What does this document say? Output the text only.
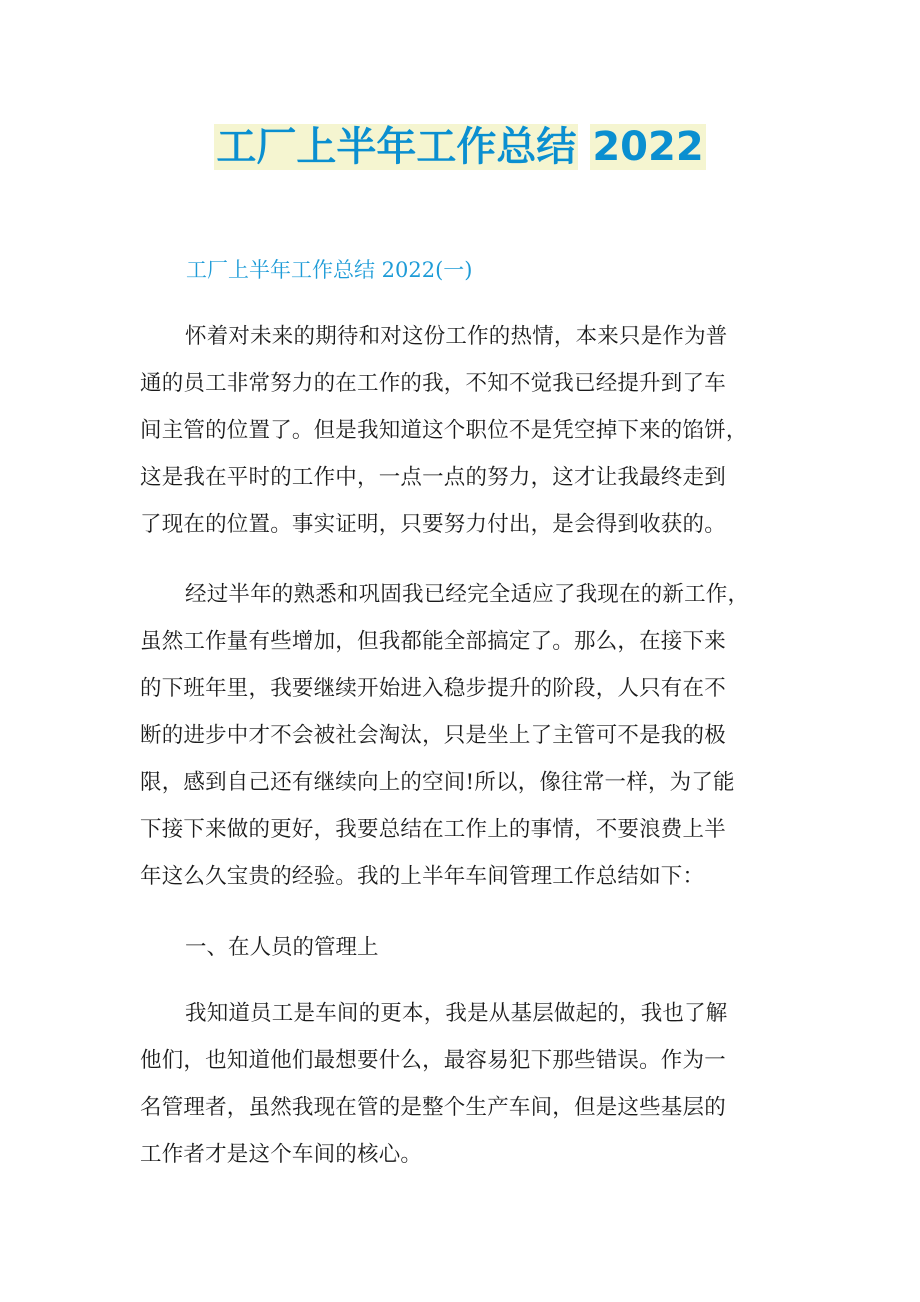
工厂上半年工作总结 2022
工厂上半年工作总结 2022(一)
怀着对未来的期待和对这份工作的热情，本来只是作为普
通的员工非常努力的在工作的我，不知不觉我已经提升到了车
间主管的位置了。但是我知道这个职位不是凭空掉下来的馅饼，
这是我在平时的工作中，一点一点的努力，这才让我最终走到
了现在的位置。事实证明，只要努力付出，是会得到收获的。
经过半年的熟悉和巩固我已经完全适应了我现在的新工作，
虽然工作量有些增加，但我都能全部搞定了。那么，在接下来
的下班年里，我要继续开始进入稳步提升的阶段，人只有在不
断的进步中才不会被社会淘汰，只是坐上了主管可不是我的极
限，感到自己还有继续向上的空间!所以，像往常一样，为了能
下接下来做的更好，我要总结在工作上的事情，不要浪费上半
年这么久宝贵的经验。我的上半年车间管理工作总结如下：
一、在人员的管理上
我知道员工是车间的更本，我是从基层做起的，我也了解
他们，也知道他们最想要什么，最容易犯下那些错误。作为一
名管理者，虽然我现在管的是整个生产车间，但是这些基层的
工作者才是这个车间的核心。
